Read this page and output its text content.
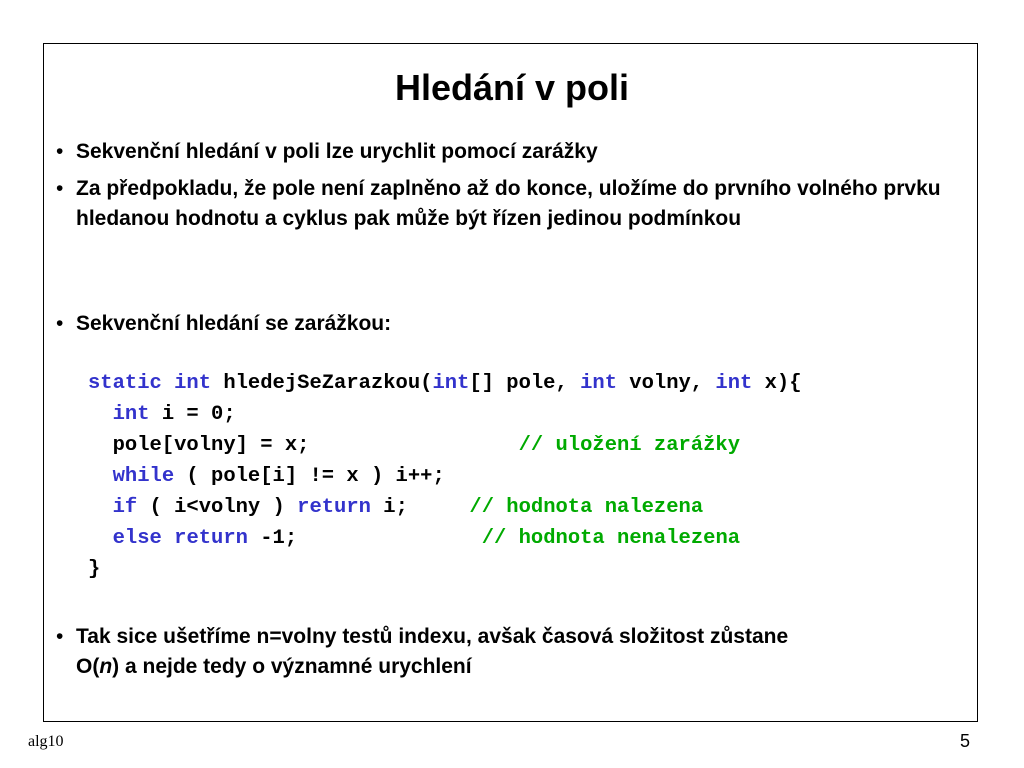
Hledání v poli
• Sekvenční hledání v poli lze urychlit pomocí zarážky
• Za předpokladu, že pole není zaplněno až do konce, uložíme do prvního volného prvku hledanou hodnotu a cyklus pak může být řízen jedinou podmínkou
• Sekvenční hledání se zarážkou:
static int hledejSeZarazkou(int[] pole, int volny, int x){
int i = 0;
pole[volny] = x;	// uložení zarážky
while ( pole[i] != x ) i++;
if ( i<volny ) return i;	// hodnota nalezena
else return -1;	// hodnota nenalezena
}
• Tak sice ušetříme n=volny testů indexu, avšak časová složitost zůstane
O(n) a nejde tedy o významné urychlení
alg10	5
